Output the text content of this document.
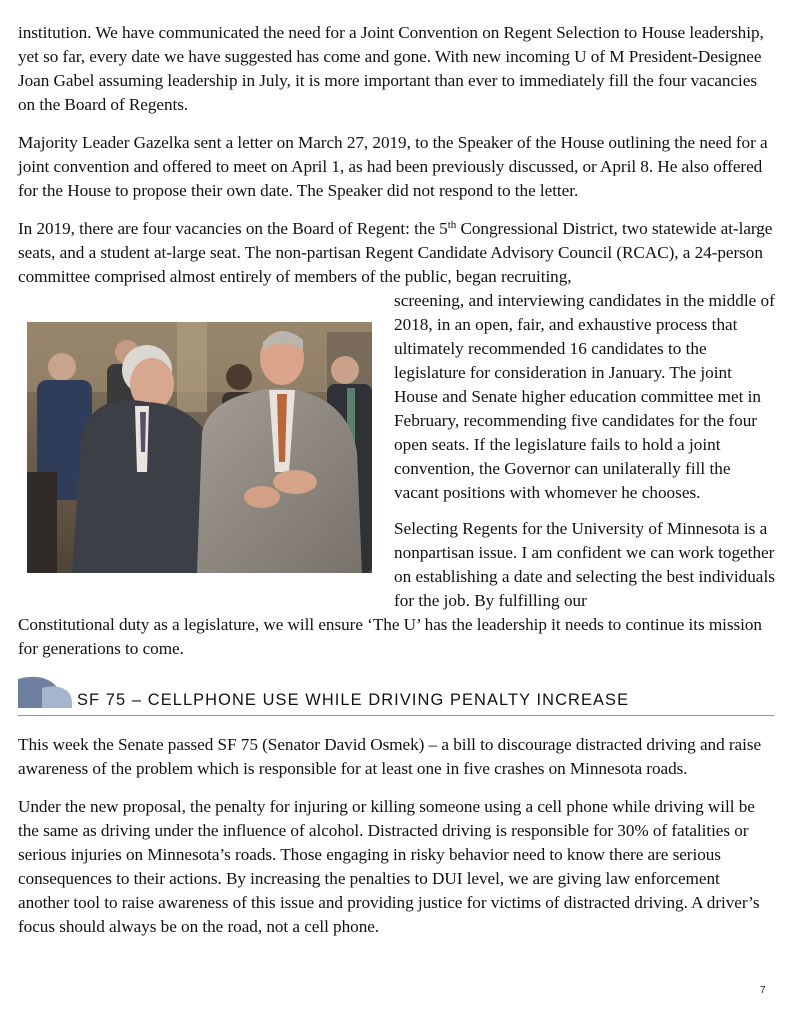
institution. We have communicated the need for a Joint Convention on Regent Selection to House leadership, yet so far, every date we have suggested has come and gone. With new incoming U of M President-Designee Joan Gabel assuming leadership in July, it is more important than ever to immediately fill the four vacancies on the Board of Regents.

Majority Leader Gazelka sent a letter on March 27, 2019, to the Speaker of the House outlining the need for a joint convention and offered to meet on April 1, as had been previously discussed, or April 8. He also offered for the House to propose their own date. The Speaker did not respond to the letter.

In 2019, there are four vacancies on the Board of Regent: the 5th Congressional District, two statewide at-large seats, and a student at-large seat. The non-partisan Regent Candidate Advisory Council (RCAC), a 24-person committee comprised almost entirely of members of the public, began recruiting,

screening, and interviewing candidates in the middle of 2018, in an open, fair, and exhaustive process that ultimately recommended 16 candidates to the legislature for consideration in January. The joint House and Senate higher education committee met in February, recommending five candidates for the four open seats. If the legislature fails to hold a joint convention, the Governor can unilaterally fill the vacant positions with whomever he chooses.

Selecting Regents for the University of Minnesota is a nonpartisan issue. I am confident we can work together on establishing a date and selecting the best individuals for the job. By fulfilling our

Constitutional duty as a legislature, we will ensure ‘The U’ has the leadership it needs to continue its mission for generations to come.

SF 75 – CELLPHONE USE WHILE DRIVING PENALTY INCREASE

This week the Senate passed SF 75 (Senator David Osmek) – a bill to discourage distracted driving and raise awareness of the problem which is responsible for at least one in five crashes on Minnesota roads.

Under the new proposal, the penalty for injuring or killing someone using a cell phone while driving will be the same as driving under the influence of alcohol. Distracted driving is responsible for 30% of fatalities or serious injuries on Minnesota’s roads. Those engaging in risky behavior need to know there are serious consequences to their actions. By increasing the penalties to DUI level, we are giving law enforcement another tool to raise awareness of this issue and providing justice for victims of distracted driving. A driver’s focus should always be on the road, not a cell phone.

7
